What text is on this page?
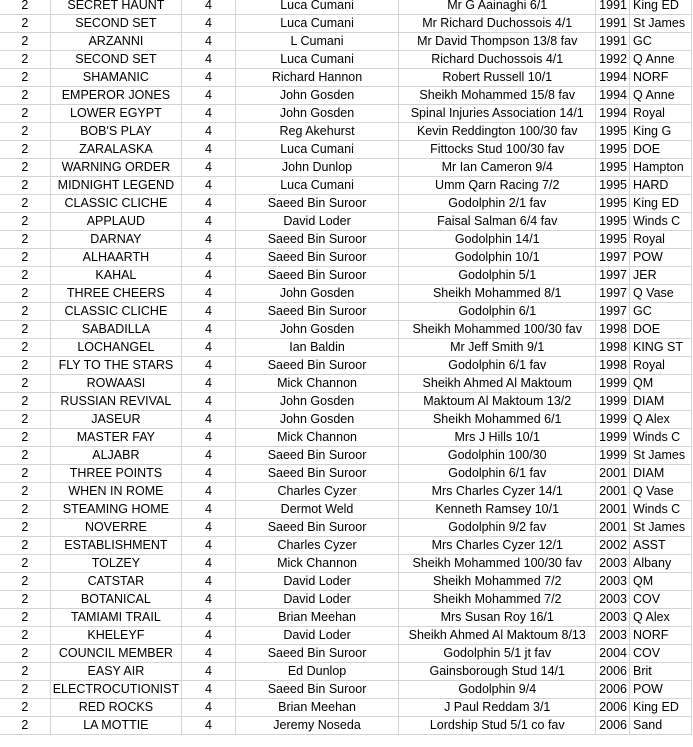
2	SECRET HAUNT	4	Luca Cumani	Mr G Aainaghi 6/1	1991	King ED
2	SECOND SET	4	Luca Cumani	Mr Richard Duchossois 4/1	1991	St James
2	ARZANNI	4	L Cumani	Mr David Thompson 13/8 fav	1991	GC
2	SECOND SET	4	Luca Cumani	Richard Duchossois 4/1	1992	Q Anne
2	SHAMANIC	4	Richard Hannon	Robert Russell 10/1	1994	NORF
2	EMPEROR JONES	4	John Gosden	Sheikh Mohammed 15/8 fav	1994	Q Anne
2	LOWER EGYPT	4	John Gosden	Spinal Injuries Association 14/1	1994	Royal
2	BOB'S PLAY	4	Reg Akehurst	Kevin Reddington 100/30 fav	1995	King G
2	ZARALASKA	4	Luca Cumani	Fittocks Stud 100/30 fav	1995	DOE
2	WARNING ORDER	4	John Dunlop	Mr Ian Cameron 9/4	1995	Hampton
2	MIDNIGHT LEGEND	4	Luca Cumani	Umm Qarn Racing 7/2	1995	HARD
2	CLASSIC CLICHE	4	Saeed Bin Suroor	Godolphin 2/1 fav	1995	King ED
2	APPLAUD	4	David Loder	Faisal Salman 6/4 fav	1995	Winds C
2	DARNAY	4	Saeed Bin Suroor	Godolphin 14/1	1995	Royal
2	ALHAARTH	4	Saeed Bin Suroor	Godolphin 10/1	1997	POW
2	KAHAL	4	Saeed Bin Suroor	Godolphin 5/1	1997	JER
2	THREE CHEERS	4	John Gosden	Sheikh Mohammed 8/1	1997	Q Vase
2	CLASSIC CLICHE	4	Saeed Bin Suroor	Godolphin 6/1	1997	GC
2	SABADILLA	4	John Gosden	Sheikh Mohammed 100/30 fav	1998	DOE
2	LOCHANGEL	4	Ian Baldin	Mr Jeff Smith 9/1	1998	KING ST
2	FLY TO THE STARS	4	Saeed Bin Suroor	Godolphin 6/1 fav	1998	Royal
2	ROWAASI	4	Mick Channon	Sheikh Ahmed Al Maktoum	1999	QM
2	RUSSIAN REVIVAL	4	John Gosden	Maktoum Al Maktoum 13/2	1999	DIAM
2	JASEUR	4	John Gosden	Sheikh Mohammed 6/1	1999	Q Alex
2	MASTER FAY	4	Mick Channon	Mrs J Hills 10/1	1999	Winds C
2	ALJABR	4	Saeed Bin Suroor	Godolphin 100/30	1999	St James
2	THREE POINTS	4	Saeed Bin Suroor	Godolphin 6/1 fav	2001	DIAM
2	WHEN IN ROME	4	Charles Cyzer	Mrs Charles Cyzer 14/1	2001	Q Vase
2	STEAMING HOME	4	Dermot Weld	Kenneth Ramsey 10/1	2001	Winds C
2	NOVERRE	4	Saeed Bin Suroor	Godolphin 9/2 fav	2001	St James
2	ESTABLISHMENT	4	Charles Cyzer	Mrs Charles Cyzer 12/1	2002	ASST
2	TOLZEY	4	Mick Channon	Sheikh Mohammed 100/30 fav	2003	Albany
2	CATSTAR	4	David Loder	Sheikh Mohammed 7/2	2003	QM
2	BOTANICAL	4	David Loder	Sheikh Mohammed 7/2	2003	COV
2	TAMIAMI TRAIL	4	Brian Meehan	Mrs Susan Roy 16/1	2003	Q Alex
2	KHELEYF	4	David Loder	Sheikh Ahmed Al Maktoum 8/13	2003	NORF
2	COUNCIL MEMBER	4	Saeed Bin Suroor	Godolphin 5/1 jt fav	2004	COV
2	EASY AIR	4	Ed Dunlop	Gainsborough Stud 14/1	2006	Brit
2	ELECTROCUTIONIST	4	Saeed Bin Suroor	Godolphin 9/4	2006	POW
2	RED ROCKS	4	Brian Meehan	J Paul Reddam 3/1	2006	King ED
2	LA MOTTIE	4	Jeremy Noseda	Lordship Stud 5/1 co fav	2006	Sand
